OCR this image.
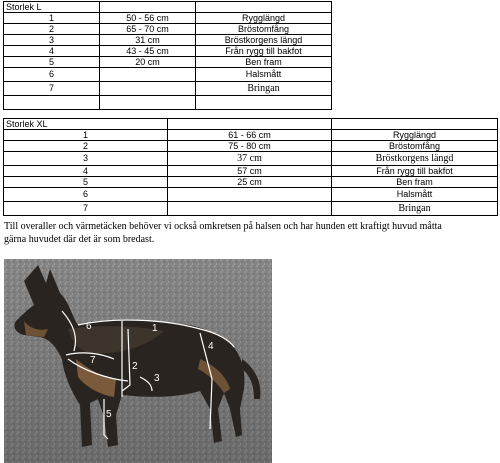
Storlek L		
1	50 - 56 cm	Rygglängd
2	65 - 70 cm	Bröstomfång
3	31 cm	Bröstkorgens längd
4	43 - 45 cm	Från rygg till bakfot
5	20 cm	Ben fram
6		Halsmått
7		Bringan

Storlek XL		
1	61 - 66 cm	Rygglängd
2	75 - 80 cm	Bröstomfång
3	37 cm	Bröstkorgens längd
4	57 cm	Från rygg till bakfot
5	25 cm	Ben fram
6		Halsmått
7		Bringan
Till overaller och värmetäcken behöver vi också omkretsen på halsen och har hunden ett kraftigt huvud måtta
gärna huvudet där det är som bredast.
1
2
3
4
5
6
7
